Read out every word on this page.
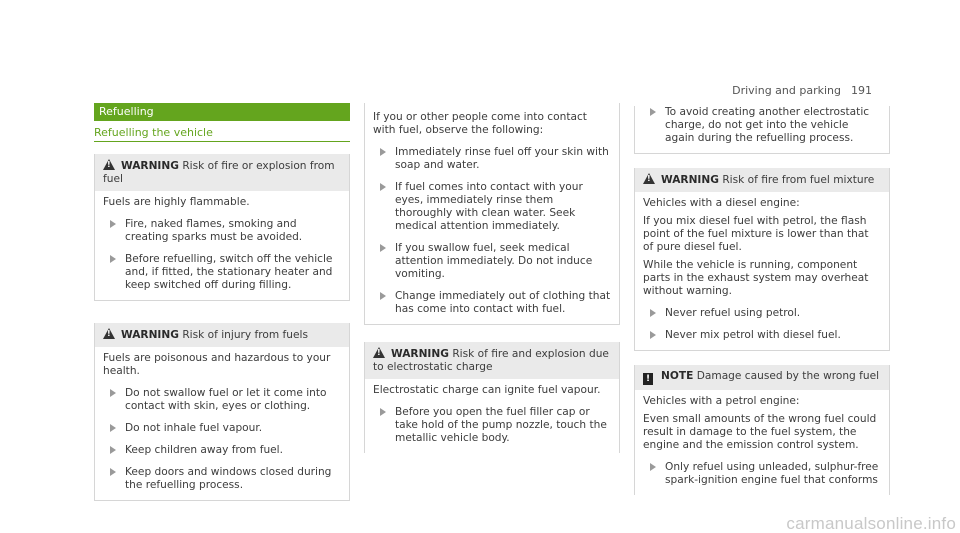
Driving and parking 191
Refuelling
Refuelling the vehicle
!WARNING Risk of fire or explosion from fuel

Fuels are highly flammable.

Fire, naked flames, smoking and creating sparks must be avoided.
Before refuelling, switch off the vehicle and, if fitted, the stationary heater and keep switched off during filling.
!WARNING Risk of injury from fuels

Fuels are poisonous and hazardous to your health.

Do not swallow fuel or let it come into contact with skin, eyes or clothing.
Do not inhale fuel vapour.
Keep children away from fuel.
Keep doors and windows closed during the refuelling process.

If you or other people come into contact with fuel, observe the following:

Immediately rinse fuel off your skin with soap and water.
If fuel comes into contact with your eyes, immediately rinse them thoroughly with clean water. Seek medical attention immediately.
If you swallow fuel, seek medical attention immediately. Do not induce vomiting.
Change immediately out of clothing that has come into contact with fuel.
!WARNING Risk of fire and explosion due to electrostatic charge

Electrostatic charge can ignite fuel vapour.

Before you open the fuel filler cap or take hold of the pump nozzle, touch the metallic vehicle body.
To avoid creating another electrostatic charge, do not get into the vehicle again during the refuelling process.
!WARNING Risk of fire from fuel mixture

Vehicles with a diesel engine:

If you mix diesel fuel with petrol, the flash point of the fuel mixture is lower than that of pure diesel fuel.

While the vehicle is running, component parts in the exhaust system may overheat without warning.

Never refuel using petrol.
Never mix petrol with diesel fuel.
! NOTE Damage caused by the wrong fuel

Vehicles with a petrol engine:

Even small amounts of the wrong fuel could result in damage to the fuel system, the engine and the emission control system.

Only refuel using unleaded, sulphur-free spark-ignition engine fuel that conforms
carmanualsonline.info
